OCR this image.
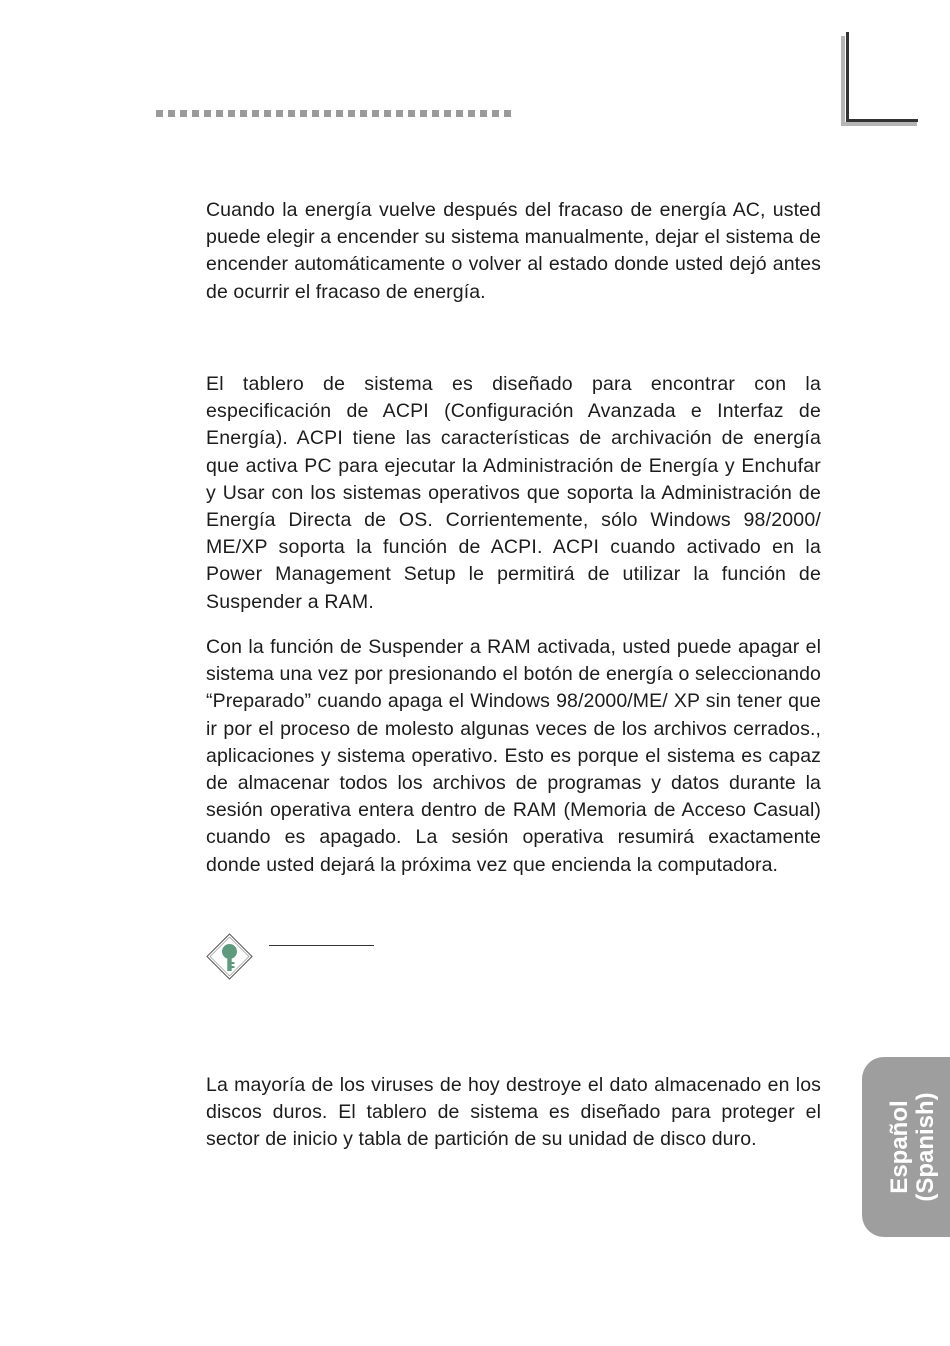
Cuando la energía vuelve después del fracaso de energía AC, usted puede elegir a encender su sistema manualmente, dejar el sistema de encender automáticamente o volver al estado donde usted dejó antes de ocurrir el fracaso de energía.

El tablero de sistema es diseñado para encontrar con la especificación de ACPI (Configuración Avanzada e Interfaz de Energía). ACPI tiene las características de archivación de energía que activa PC para ejecutar la Administración de Energía y Enchufar y Usar con los sistemas operativos que soporta la Administración de Energía Directa de OS. Corrientemente, sólo Windows 98/2000/ ME/XP soporta la función de ACPI. ACPI cuando activado en la Power Management Setup le permitirá de utilizar la función de Suspender a RAM.

Con la función de Suspender a RAM activada, usted puede apagar el sistema una vez por presionando el botón de energía o seleccionando “Preparado” cuando apaga el Windows 98/2000/ME/ XP sin tener que ir por el proceso de molesto algunas veces de los archivos cerrados., aplicaciones y sistema operativo. Esto es porque el sistema es capaz de almacenar todos los archivos de programas y datos durante la sesión operativa entera dentro de RAM (Memoria de Acceso Casual) cuando es apagado. La sesión operativa resumirá exactamente donde usted dejará la próxima vez que encienda la computadora.

La mayoría de los viruses de hoy destroye el dato almacenado en los discos duros. El tablero de sistema es diseñado para proteger el sector de inicio y tabla de partición de su unidad de disco duro.	Español (Spanish)
